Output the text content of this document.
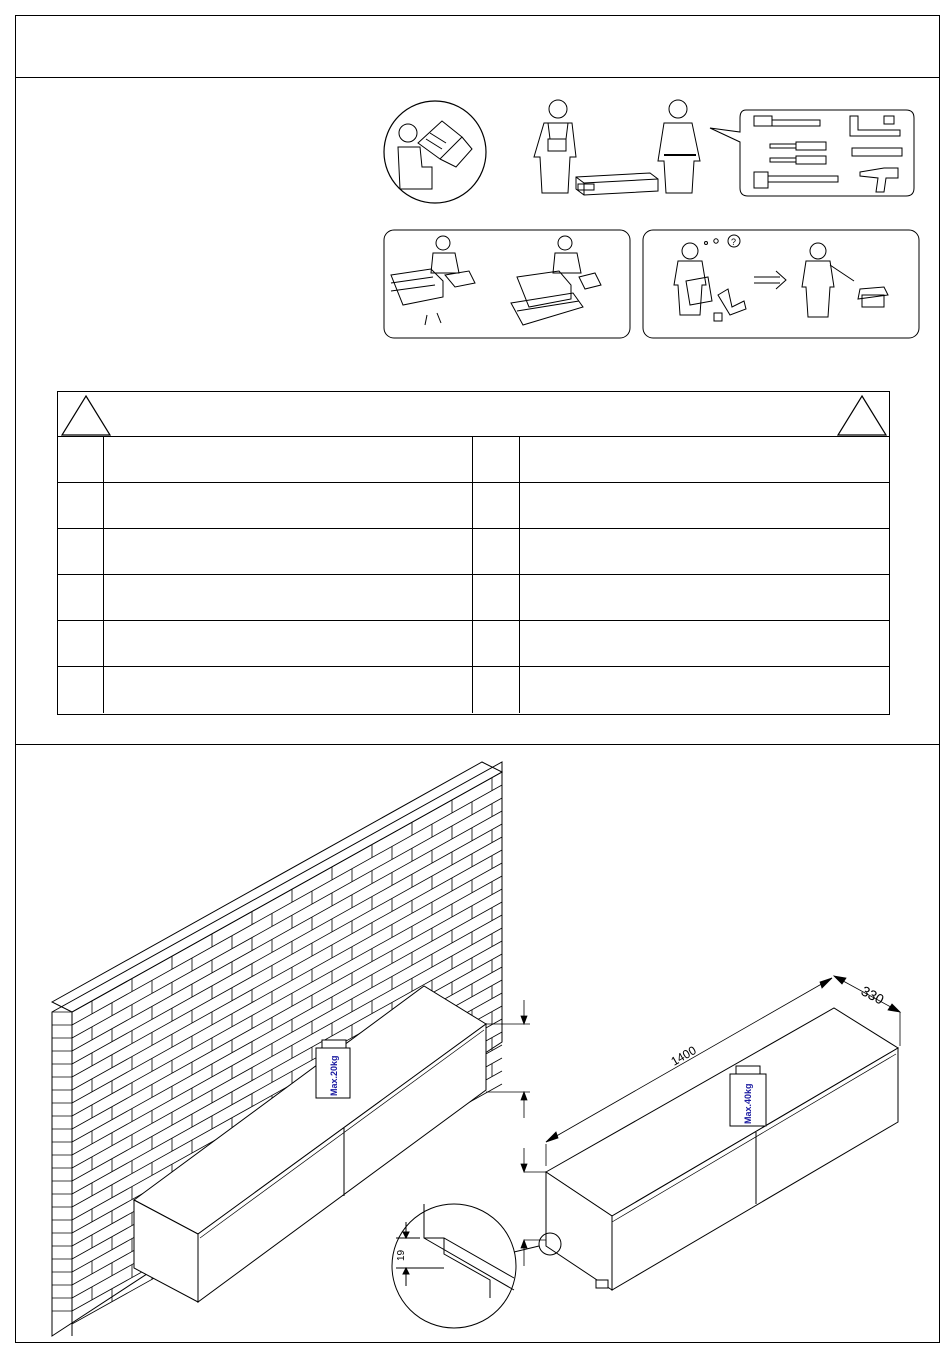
?
Max.20kg
Max.40kg
1400
330
19
